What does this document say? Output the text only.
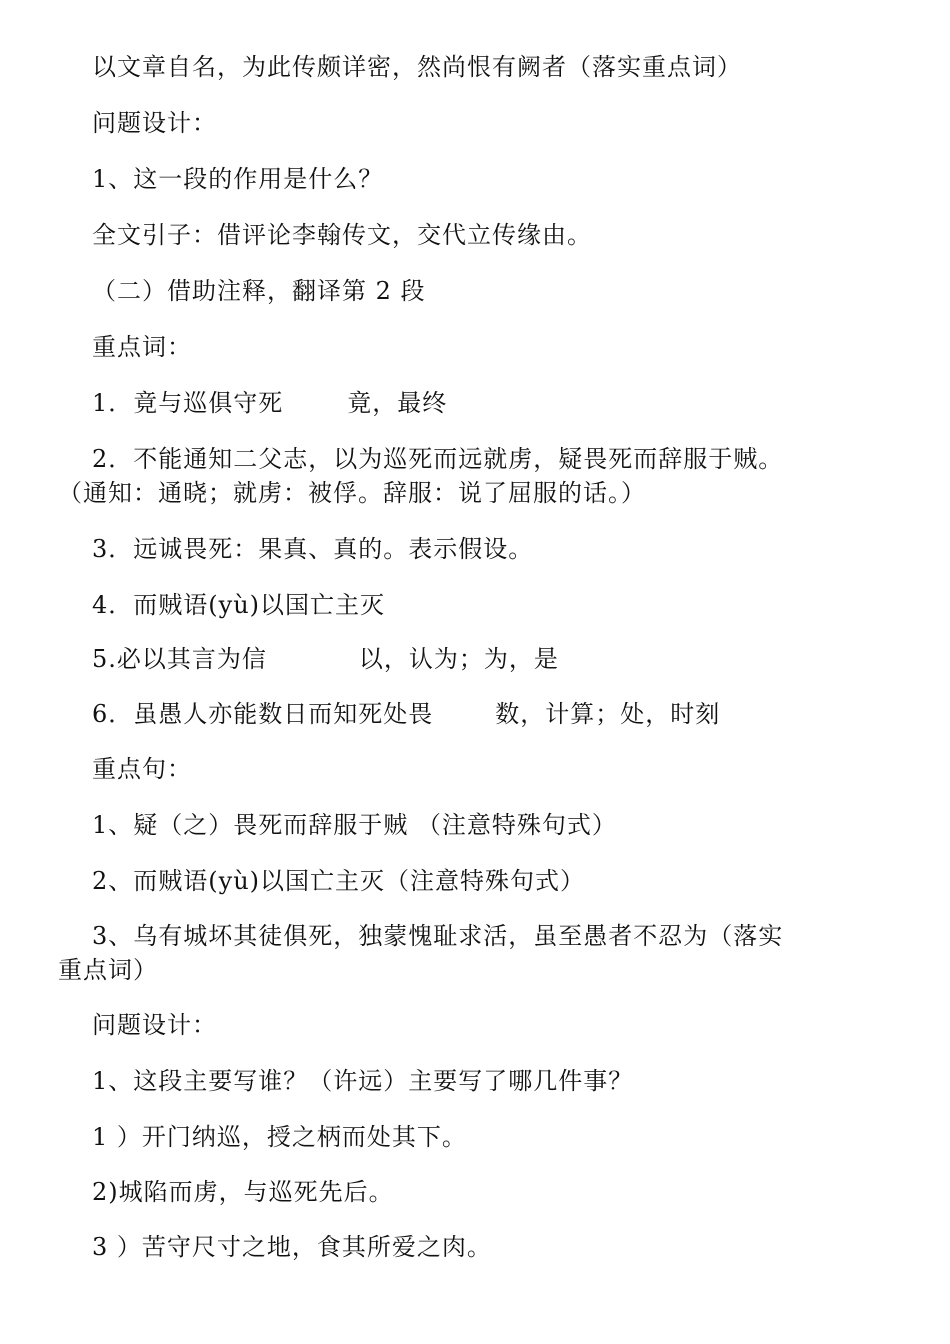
以文章自名，为此传颇详密，然尚恨有阙者（落实重点词）
问题设计：
1、这一段的作用是什么？
全文引子：借评论李翰传文，交代立传缘由。
（二）借助注释，翻译第 2 段
重点词：
1．竟与巡俱守死	竟，最终
2．不能通知二父志，以为巡死而远就虏，疑畏死而辞服于贼。
（通知：通晓；就虏：被俘。辞服：说了屈服的话。）
3．远诚畏死：果真、真的。表示假设。
4．而贼语(yù)以国亡主灭
5.必以其言为信	以，认为；为，是
6．虽愚人亦能数日而知死处畏	数，计算；处，时刻
重点句：
1、疑（之）畏死而辞服于贼 （注意特殊句式）
2、而贼语(yù)以国亡主灭（注意特殊句式）
3、乌有城坏其徒俱死，独蒙愧耻求活，虽至愚者不忍为（落实
重点词）
问题设计：
1、这段主要写谁？（许远）主要写了哪几件事？
1 ）开门纳巡，授之柄而处其下。
2)城陷而虏，与巡死先后。
3 ）苦守尺寸之地，食其所爱之肉。
